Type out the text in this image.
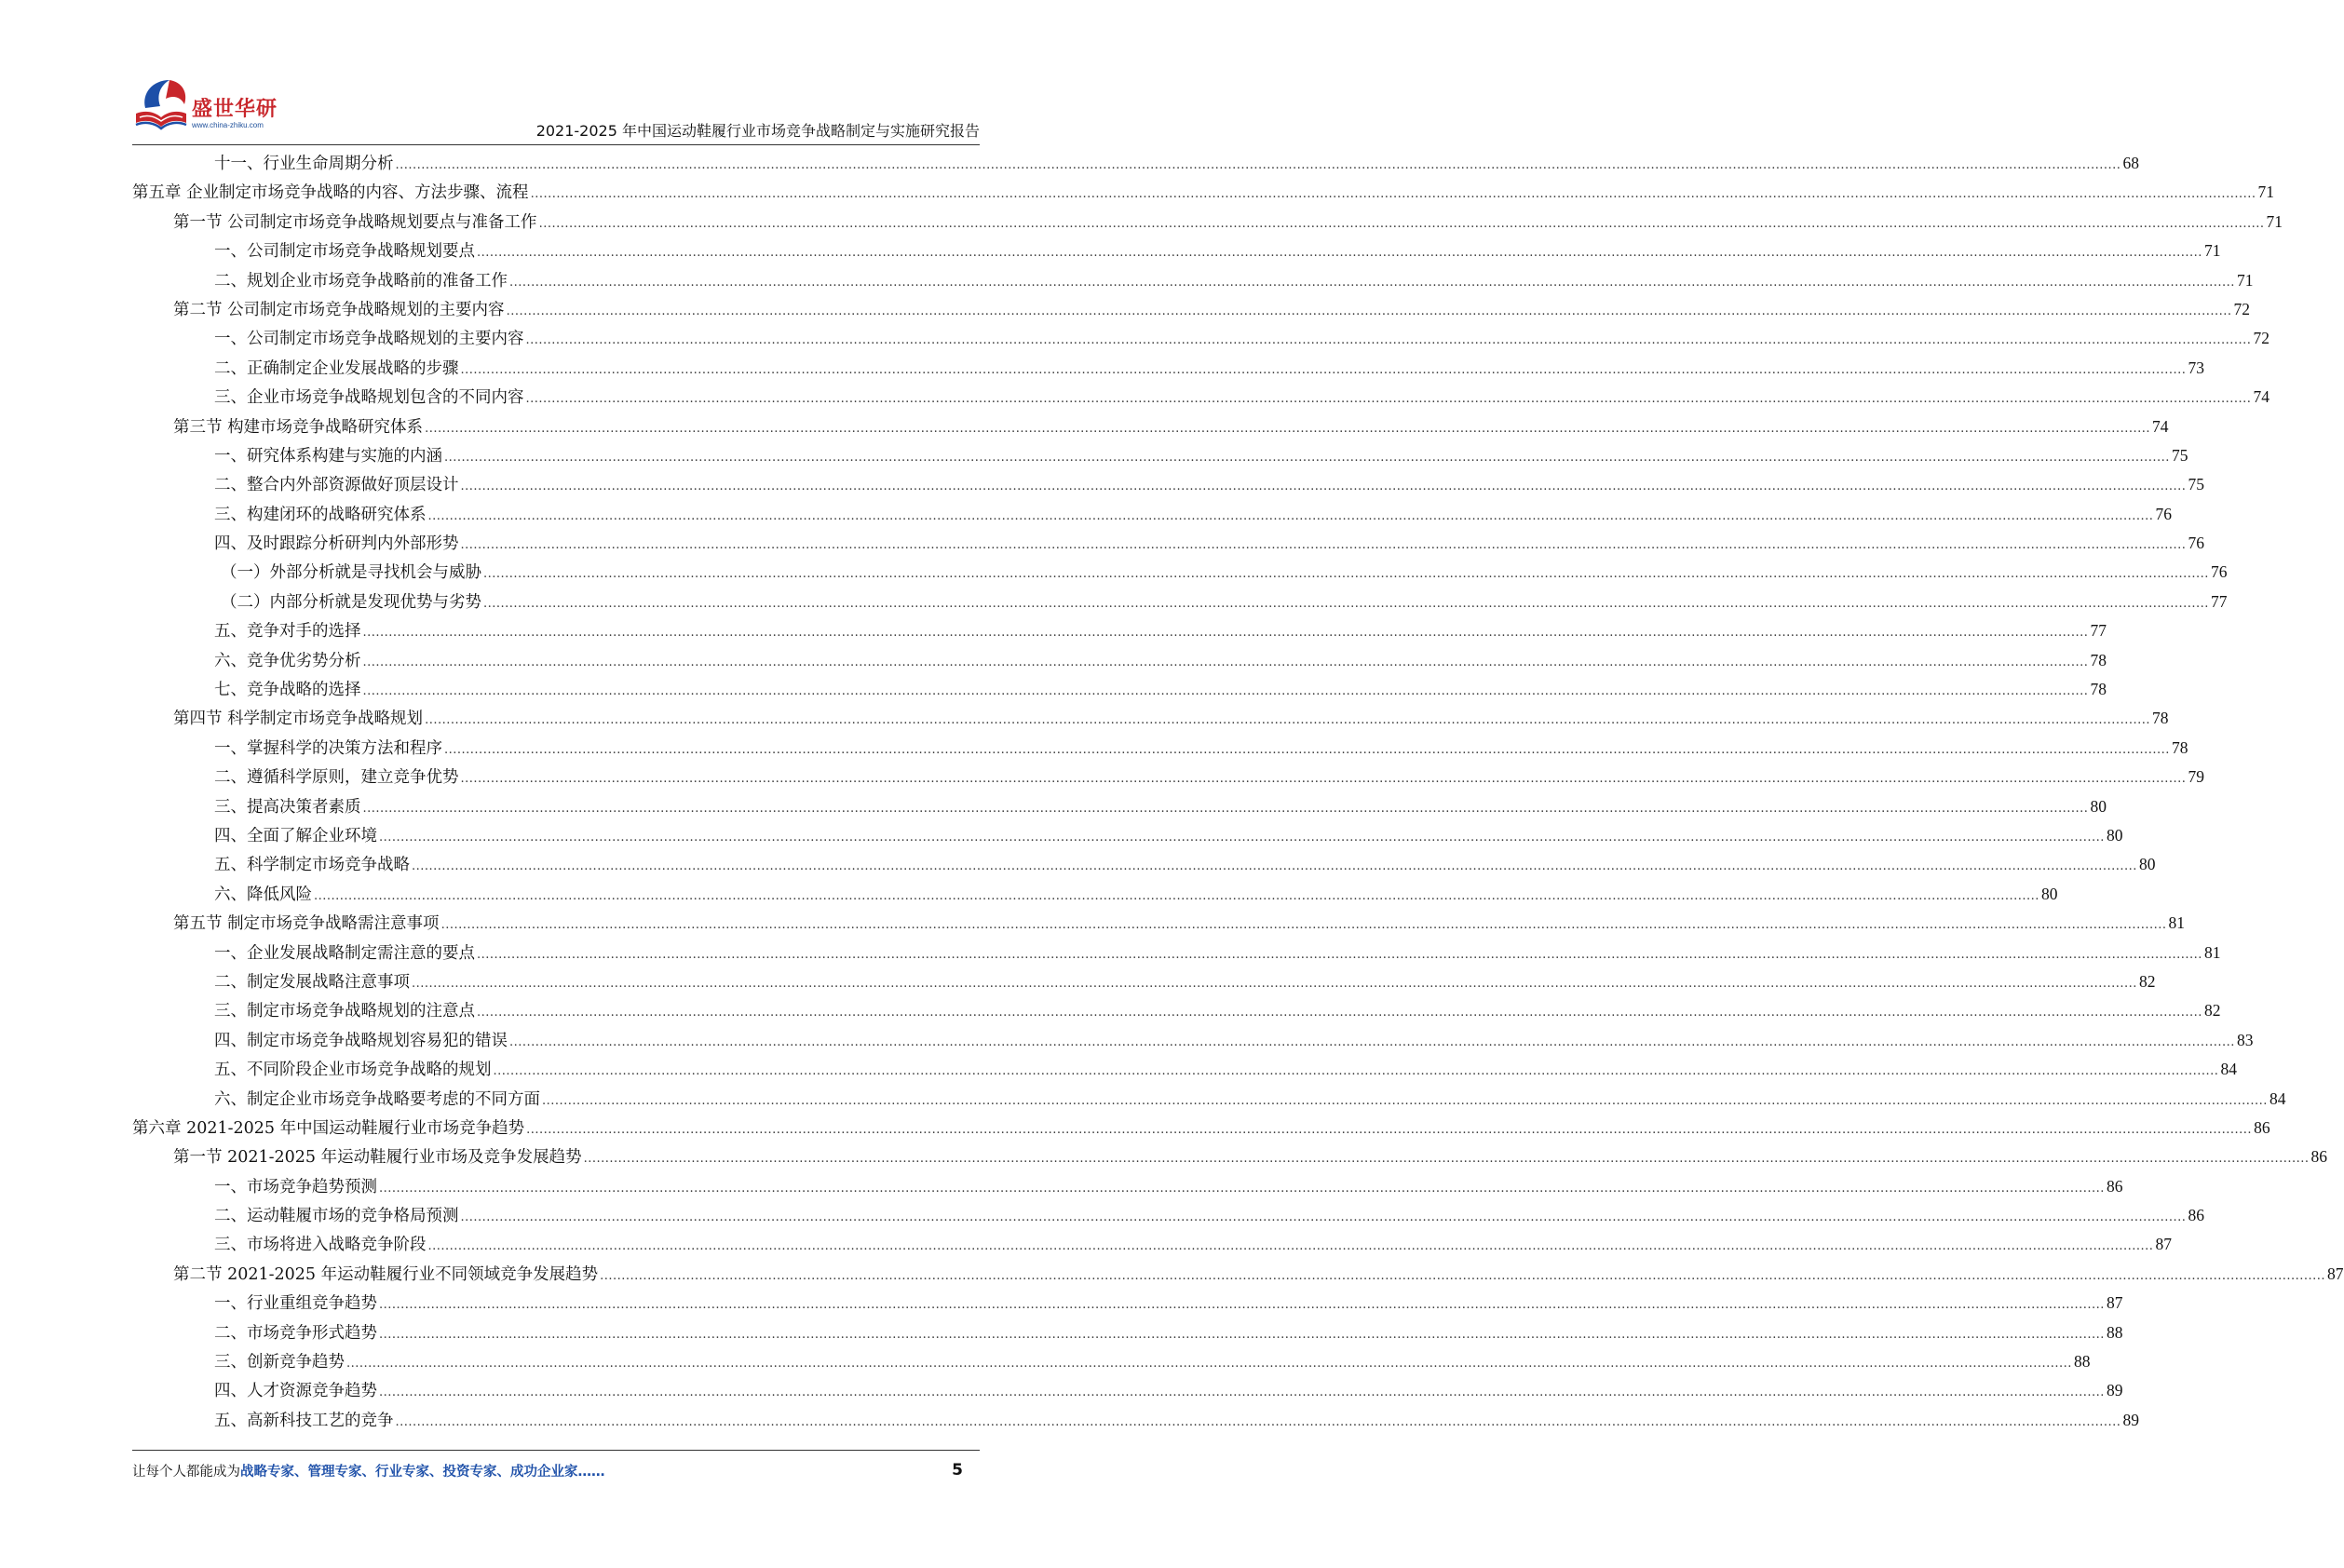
盛世华研
www.china-zhiku.com	2021-2025 年中国运动鞋履行业市场竞争战略制定与实施研究报告
十一、行业生命周期分析 ................................................................................................................................................................................................................................................................................................................................................................................................................ 68
第五章 企业制定市场竞争战略的内容、方法步骤、流程 ................................................................................................................................................................................................................................................................................................................................................................................................................ 71
第一节 公司制定市场竞争战略规划要点与准备工作 ................................................................................................................................................................................................................................................................................................................................................................................................................ 71
一、公司制定市场竞争战略规划要点 ................................................................................................................................................................................................................................................................................................................................................................................................................ 71
二、规划企业市场竞争战略前的准备工作 ................................................................................................................................................................................................................................................................................................................................................................................................................ 71
第二节 公司制定市场竞争战略规划的主要内容 ................................................................................................................................................................................................................................................................................................................................................................................................................ 72
一、公司制定市场竞争战略规划的主要内容 ................................................................................................................................................................................................................................................................................................................................................................................................................ 72
二、正确制定企业发展战略的步骤 ................................................................................................................................................................................................................................................................................................................................................................................................................ 73
三、企业市场竞争战略规划包含的不同内容 ................................................................................................................................................................................................................................................................................................................................................................................................................ 74
第三节 构建市场竞争战略研究体系 ................................................................................................................................................................................................................................................................................................................................................................................................................ 74
一、研究体系构建与实施的内涵 ................................................................................................................................................................................................................................................................................................................................................................................................................ 75
二、整合内外部资源做好顶层设计 ................................................................................................................................................................................................................................................................................................................................................................................................................ 75
三、构建闭环的战略研究体系 ................................................................................................................................................................................................................................................................................................................................................................................................................ 76
四、及时跟踪分析研判内外部形势 ................................................................................................................................................................................................................................................................................................................................................................................................................ 76
（一）外部分析就是寻找机会与威胁 ................................................................................................................................................................................................................................................................................................................................................................................................................ 76
（二）内部分析就是发现优势与劣势 ................................................................................................................................................................................................................................................................................................................................................................................................................ 77
五、竞争对手的选择 ................................................................................................................................................................................................................................................................................................................................................................................................................ 77
六、竞争优劣势分析 ................................................................................................................................................................................................................................................................................................................................................................................................................ 78
七、竞争战略的选择 ................................................................................................................................................................................................................................................................................................................................................................................................................ 78
第四节 科学制定市场竞争战略规划 ................................................................................................................................................................................................................................................................................................................................................................................................................ 78
一、掌握科学的决策方法和程序 ................................................................................................................................................................................................................................................................................................................................................................................................................ 78
二、遵循科学原则，建立竞争优势 ................................................................................................................................................................................................................................................................................................................................................................................................................ 79
三、提高决策者素质 ................................................................................................................................................................................................................................................................................................................................................................................................................ 80
四、全面了解企业环境 ................................................................................................................................................................................................................................................................................................................................................................................................................ 80
五、科学制定市场竞争战略 ................................................................................................................................................................................................................................................................................................................................................................................................................ 80
六、降低风险 ................................................................................................................................................................................................................................................................................................................................................................................................................ 80
第五节 制定市场竞争战略需注意事项 ................................................................................................................................................................................................................................................................................................................................................................................................................ 81
一、企业发展战略制定需注意的要点 ................................................................................................................................................................................................................................................................................................................................................................................................................ 81
二、制定发展战略注意事项 ................................................................................................................................................................................................................................................................................................................................................................................................................ 82
三、制定市场竞争战略规划的注意点 ................................................................................................................................................................................................................................................................................................................................................................................................................ 82
四、制定市场竞争战略规划容易犯的错误 ................................................................................................................................................................................................................................................................................................................................................................................................................ 83
五、不同阶段企业市场竞争战略的规划 ................................................................................................................................................................................................................................................................................................................................................................................................................ 84
六、制定企业市场竞争战略要考虑的不同方面 ................................................................................................................................................................................................................................................................................................................................................................................................................ 84
第六章 2021-2025 年中国运动鞋履行业市场竞争趋势 ................................................................................................................................................................................................................................................................................................................................................................................................................ 86
第一节 2021-2025 年运动鞋履行业市场及竞争发展趋势 ................................................................................................................................................................................................................................................................................................................................................................................................................ 86
一、市场竞争趋势预测 ................................................................................................................................................................................................................................................................................................................................................................................................................ 86
二、运动鞋履市场的竞争格局预测 ................................................................................................................................................................................................................................................................................................................................................................................................................ 86
三、市场将进入战略竞争阶段 ................................................................................................................................................................................................................................................................................................................................................................................................................ 87
第二节 2021-2025 年运动鞋履行业不同领域竞争发展趋势 ................................................................................................................................................................................................................................................................................................................................................................................................................ 87
一、行业重组竞争趋势 ................................................................................................................................................................................................................................................................................................................................................................................................................ 87
二、市场竞争形式趋势 ................................................................................................................................................................................................................................................................................................................................................................................................................ 88
三、创新竞争趋势 ................................................................................................................................................................................................................................................................................................................................................................................................................ 88
四、人才资源竞争趋势 ................................................................................................................................................................................................................................................................................................................................................................................................................ 89
五、高新科技工艺的竞争 ................................................................................................................................................................................................................................................................................................................................................................................................................ 89
让每个人都能成为战略专家、管理专家、行业专家、投资专家、成功企业家……	5
